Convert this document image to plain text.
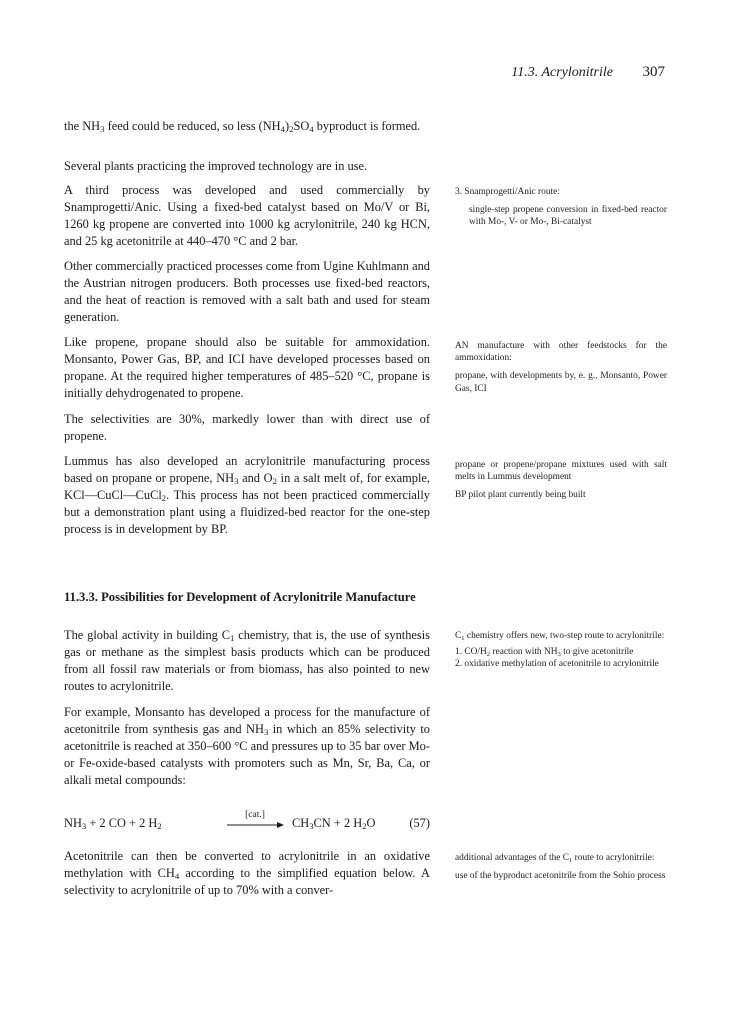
11.3. Acrylonitrile 307

the $NH_3$ feed could be reduced, so less $(NH_4)_2SO_4$ byproduct is formed.

Several plants practicing the improved technology are in use.

A third process was developed and used commercially by Snamprogetti/Anic. Using a fixed-bed catalyst based on Mo/V or Bi, 1260 kg propene are converted into 1000 kg acrylonitrile, 240 kg HCN, and 25 kg acetonitrile at 440–470 °C and 2 bar.

Other commercially practiced processes come from Ugine Kuhlmann and the Austrian nitrogen producers. Both processes use fixed-bed reactors, and the heat of reaction is removed with a salt bath and used for steam generation.

Like propene, propane should also be suitable for ammoxidation. Monsanto, Power Gas, BP, and ICI have developed processes based on propane. At the required higher temperatures of 485–520 °C, propane is initially dehydrogenated to propene.

The selectivities are 30%, markedly lower than with direct use of propene.

Lummus has also developed an acrylonitrile manufacturing process based on propane or propene, $NH_3$ and $O_2$ in a salt melt of, for example, KCl—CuCl—CuCl$_2$. This process has not been practiced commercially but a demonstration plant using a fluidized-bed reactor for the one-step process is in development by BP.

11.3.3. Possibilities for Development of Acrylonitrile Manufacture

The global activity in building $C_1$ chemistry, that is, the use of synthesis gas or methane as the simplest basis products which can be produced from all fossil raw materials or from biomass, has also pointed to new routes to acrylonitrile.

For example, Monsanto has developed a process for the manufacture of acetonitrile from synthesis gas and $NH_3$ in which an 85% selectivity to acetonitrile is reached at 350–600 °C and pressures up to 35 bar over Mo- or Fe-oxide-based catalysts with promoters such as Mn, Sr, Ba, Ca, or alkali metal compounds:

$NH_3 + 2$ CO + 2 $H_2$
[cat.]
$CH_3CN + 2$ $H_2O$	(57)

Acetonitrile can then be converted to acrylonitrile in an oxidative methylation with $CH_4$ according to the simplified equation below. A selectivity to acrylonitrile of up to 70% with a conver-

3. Snamprogetti/Anic route:

single-step propene conversion in fixed-bed reactor with Mo-, V- or Mo-, Bi-catalyst

AN manufacture with other feedstocks for the ammoxidation:

propane, with developments by, e. g., Monsanto, Power Gas, ICI

propane or propene/propane mixtures used with salt melts in Lummus development

BP pilot plant currently being built

$C_1$ chemistry offers new, two-step route to acrylonitrile:

1. $CO/H_2$ reaction with $NH_3$ to give acetonitrile

2. oxidative methylation of acetonitrile to acrylonitrile

additional advantages of the $C_1$ route to acrylonitrile:

use of the byproduct acetonitrile from the Sohio process
